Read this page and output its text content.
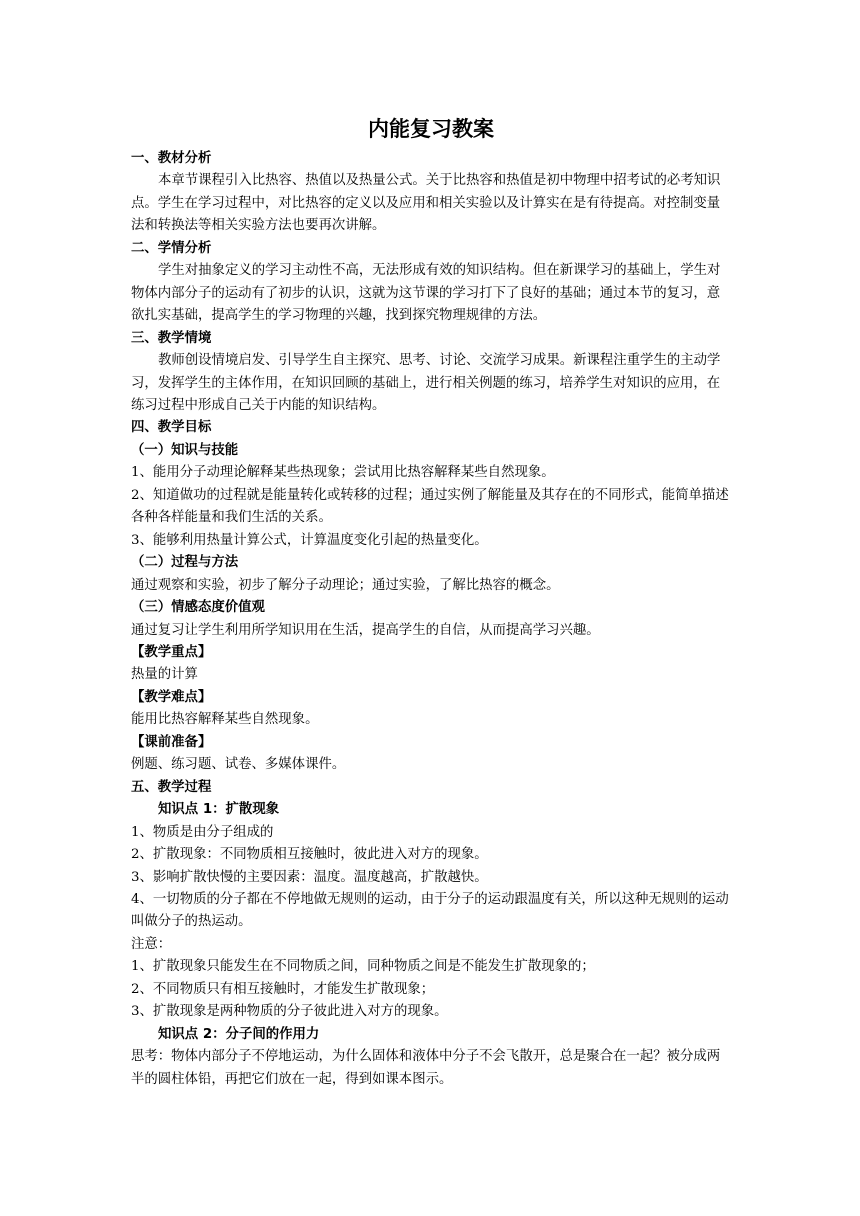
内能复习教案
一、教材分析

本章节课程引入比热容、热值以及热量公式。关于比热容和热值是初中物理中招考试的必考知识点。学生在学习过程中，对比热容的定义以及应用和相关实验以及计算实在是有待提高。对控制变量法和转换法等相关实验方法也要再次讲解。

二、学情分析

学生对抽象定义的学习主动性不高，无法形成有效的知识结构。但在新课学习的基础上，学生对物体内部分子的运动有了初步的认识，这就为这节课的学习打下了良好的基础；通过本节的复习，意欲扎实基础，提高学生的学习物理的兴趣，找到探究物理规律的方法。

三、教学情境

教师创设情境启发、引导学生自主探究、思考、讨论、交流学习成果。新课程注重学生的主动学习，发挥学生的主体作用，在知识回顾的基础上，进行相关例题的练习，培养学生对知识的应用，在练习过程中形成自己关于内能的知识结构。

四、教学目标
（一）知识与技能

1、能用分子动理论解释某些热现象；尝试用比热容解释某些自然现象。

2、知道做功的过程就是能量转化或转移的过程；通过实例了解能量及其存在的不同形式，能简单描述各种各样能量和我们生活的关系。

3、能够利用热量计算公式，计算温度变化引起的热量变化。

（二）过程与方法

通过观察和实验，初步了解分子动理论；通过实验，了解比热容的概念。

（三）情感态度价值观

通过复习让学生利用所学知识用在生活，提高学生的自信，从而提高学习兴趣。

【教学重点】

热量的计算

【教学难点】

能用比热容解释某些自然现象。

【课前准备】

例题、练习题、试卷、多媒体课件。

五、教学过程
知识点 1：扩散现象

1、物质是由分子组成的

2、扩散现象：不同物质相互接触时，彼此进入对方的现象。

3、影响扩散快慢的主要因素：温度。温度越高，扩散越快。

4、一切物质的分子都在不停地做无规则的运动，由于分子的运动跟温度有关，所以这种无规则的运动叫做分子的热运动。

注意：

1、扩散现象只能发生在不同物质之间，同种物质之间是不能发生扩散现象的；

2、不同物质只有相互接触时，才能发生扩散现象；

3、扩散现象是两种物质的分子彼此进入对方的现象。

知识点 2：分子间的作用力

思考：物体内部分子不停地运动，为什么固体和液体中分子不会飞散开，总是聚合在一起？被分成两半的圆柱体铅，再把它们放在一起，得到如课本图示。
